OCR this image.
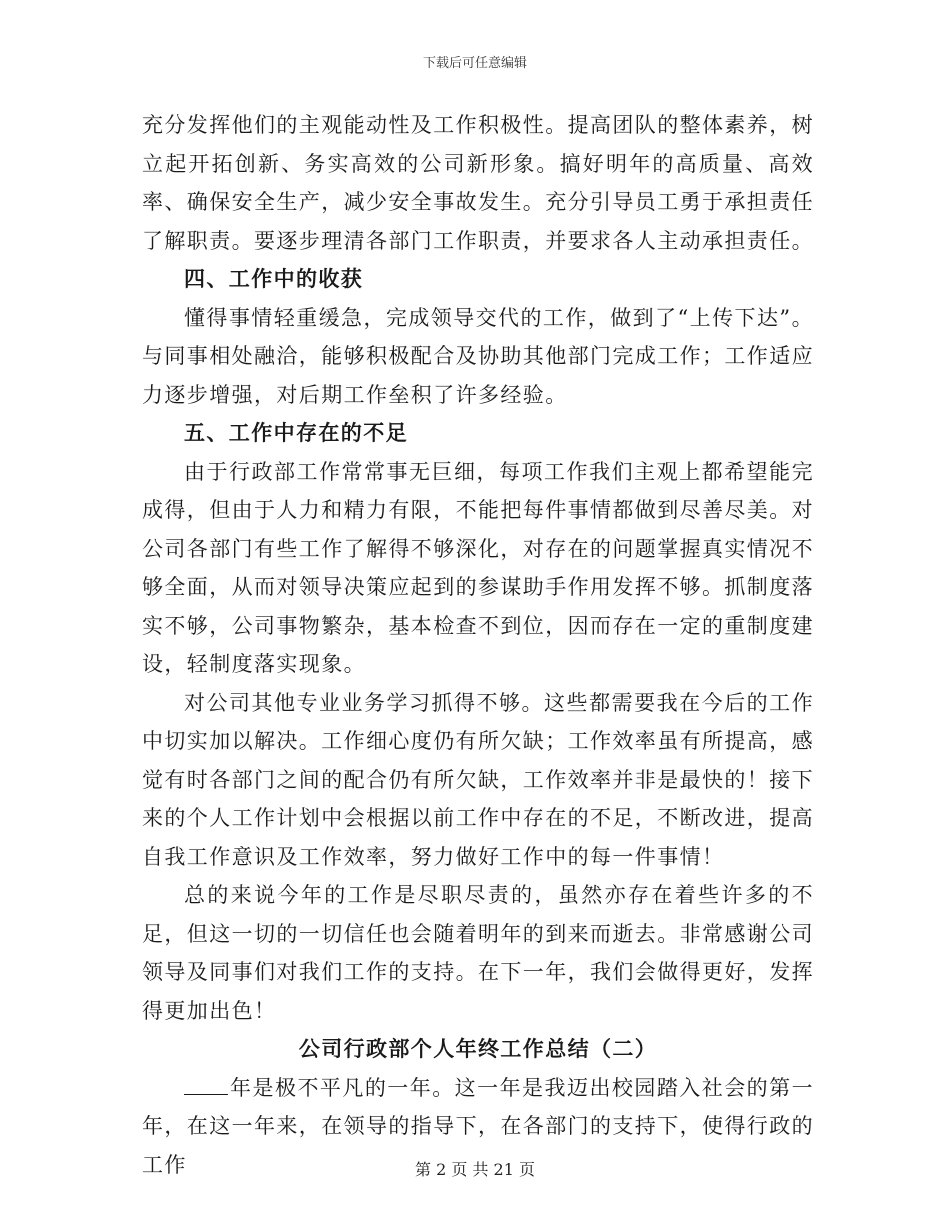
下载后可任意编辑

充分发挥他们的主观能动性及工作积极性。提高团队的整体素养，树立起开拓创新、务实高效的公司新形象。搞好明年的高质量、高效率、确保安全生产，减少安全事故发生。充分引导员工勇于承担责任了解职责。要逐步理清各部门工作职责，并要求各人主动承担责任。

四、工作中的收获

懂得事情轻重缓急，完成领导交代的工作，做到了“上传下达”。与同事相处融洽，能够积极配合及协助其他部门完成工作；工作适应力逐步增强，对后期工作垒积了许多经验。

五、工作中存在的不足

由于行政部工作常常事无巨细，每项工作我们主观上都希望能完成得，但由于人力和精力有限，不能把每件事情都做到尽善尽美。对公司各部门有些工作了解得不够深化，对存在的问题掌握真实情况不够全面，从而对领导决策应起到的参谋助手作用发挥不够。抓制度落实不够，公司事物繁杂，基本检查不到位，因而存在一定的重制度建设，轻制度落实现象。

对公司其他专业业务学习抓得不够。这些都需要我在今后的工作中切实加以解决。工作细心度仍有所欠缺；工作效率虽有所提高，感觉有时各部门之间的配合仍有所欠缺，工作效率并非是最快的！接下来的个人工作计划中会根据以前工作中存在的不足，不断改进，提高自我工作意识及工作效率，努力做好工作中的每一件事情！

总的来说今年的工作是尽职尽责的，虽然亦存在着些许多的不足，但这一切的一切信任也会随着明年的到来而逝去。非常感谢公司领导及同事们对我们工作的支持。在下一年，我们会做得更好，发挥得更加出色！

公司行政部个人年终工作总结（二）

年是极不平凡的一年。这一年是我迈出校园踏入社会的第一年，在这一年来，在领导的指导下，在各部门的支持下，使得行政的工作	第 2 页 共 21 页
